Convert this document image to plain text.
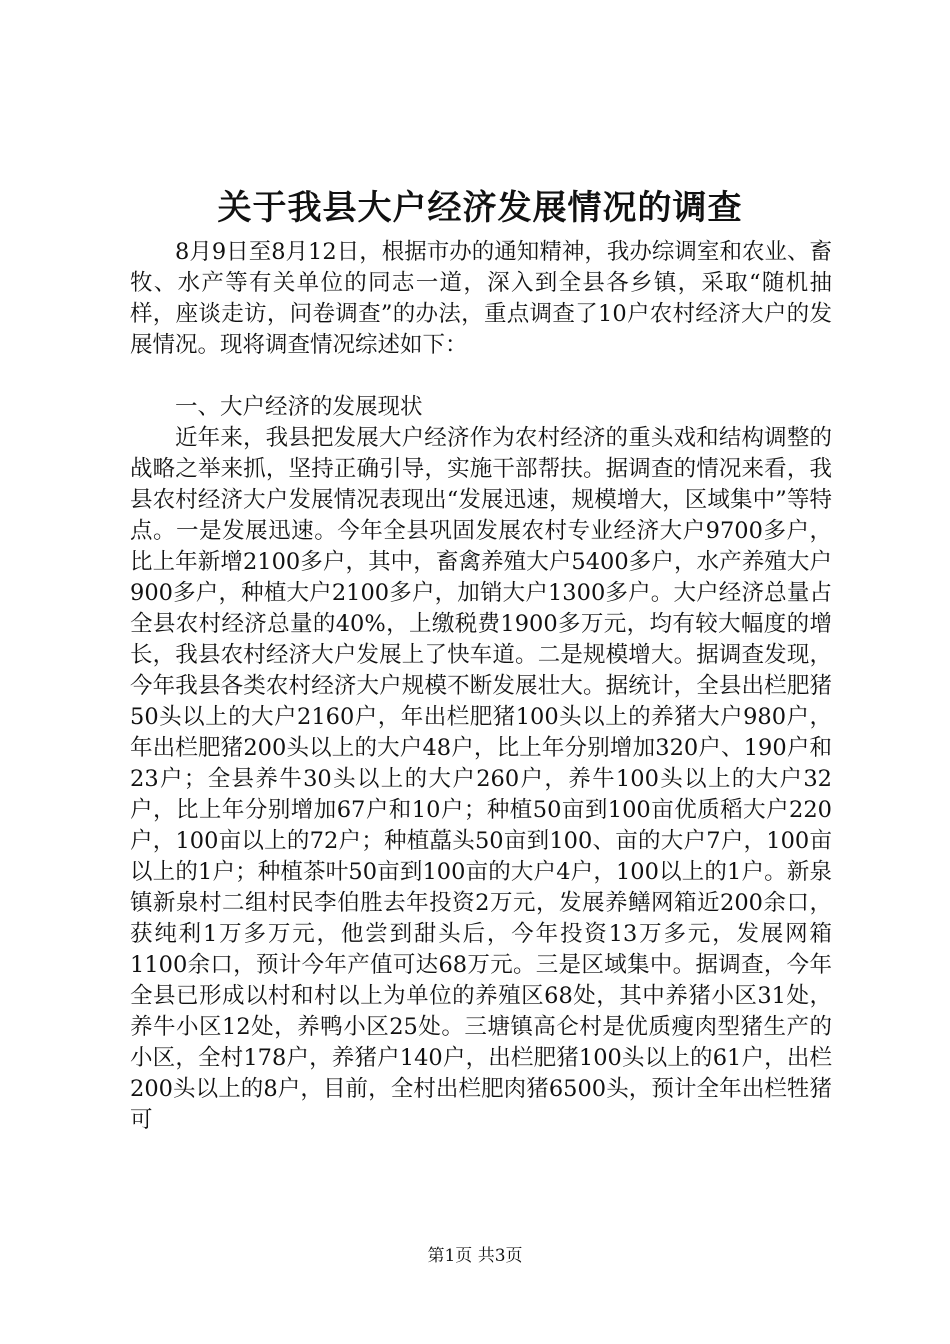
关于我县大户经济发展情况的调查

8月9日至8月12日，根据市办的通知精神，我办综调室和农业、畜牧、水产等有关单位的同志一道，深入到全县各乡镇，采取“随机抽样，座谈走访，问卷调查”的办法，重点调查了10户农村经济大户的发展情况。现将调查情况综述如下：

一、大户经济的发展现状

近年来，我县把发展大户经济作为农村经济的重头戏和结构调整的战略之举来抓，坚持正确引导，实施干部帮扶。据调查的情况来看，我县农村经济大户发展情况表现出“发展迅速，规模增大，区域集中”等特点。一是发展迅速。今年全县巩固发展农村专业经济大户9700多户，比上年新增2100多户，其中，畜禽养殖大户5400多户，水产养殖大户900多户，种植大户2100多户，加销大户1300多户。大户经济总量占全县农村经济总量的40%，上缴税费1900多万元，均有较大幅度的增长，我县农村经济大户发展上了快车道。二是规模增大。据调查发现，今年我县各类农村经济大户规模不断发展壮大。据统计，全县出栏肥猪50头以上的大户2160户，年出栏肥猪100头以上的养猪大户980户，年出栏肥猪200头以上的大户48户，比上年分别增加320户、190户和23户；全县养牛30头以上的大户260户，养牛100头以上的大户32户，比上年分别增加67户和10户；种植50亩到100亩优质稻大户220户，100亩以上的72户；种植藠头50亩到100、亩的大户7户，100亩以上的1户；种植茶叶50亩到100亩的大户4户，100以上的1户。新泉镇新泉村二组村民李伯胜去年投资2万元，发展养鳝网箱近200余口，获纯利1万多万元，他尝到甜头后，今年投资13万多元，发展网箱1100余口，预计今年产值可达68万元。三是区域集中。据调查，今年全县已形成以村和村以上为单位的养殖区68处，其中养猪小区31处，养牛小区12处，养鸭小区25处。三塘镇高仑村是优质瘦肉型猪生产的小区，全村178户，养猪户140户，出栏肥猪100头以上的61户，出栏200头以上的8户，目前，全村出栏肥肉猪6500头，预计全年出栏牲猪可

第1页 共3页
